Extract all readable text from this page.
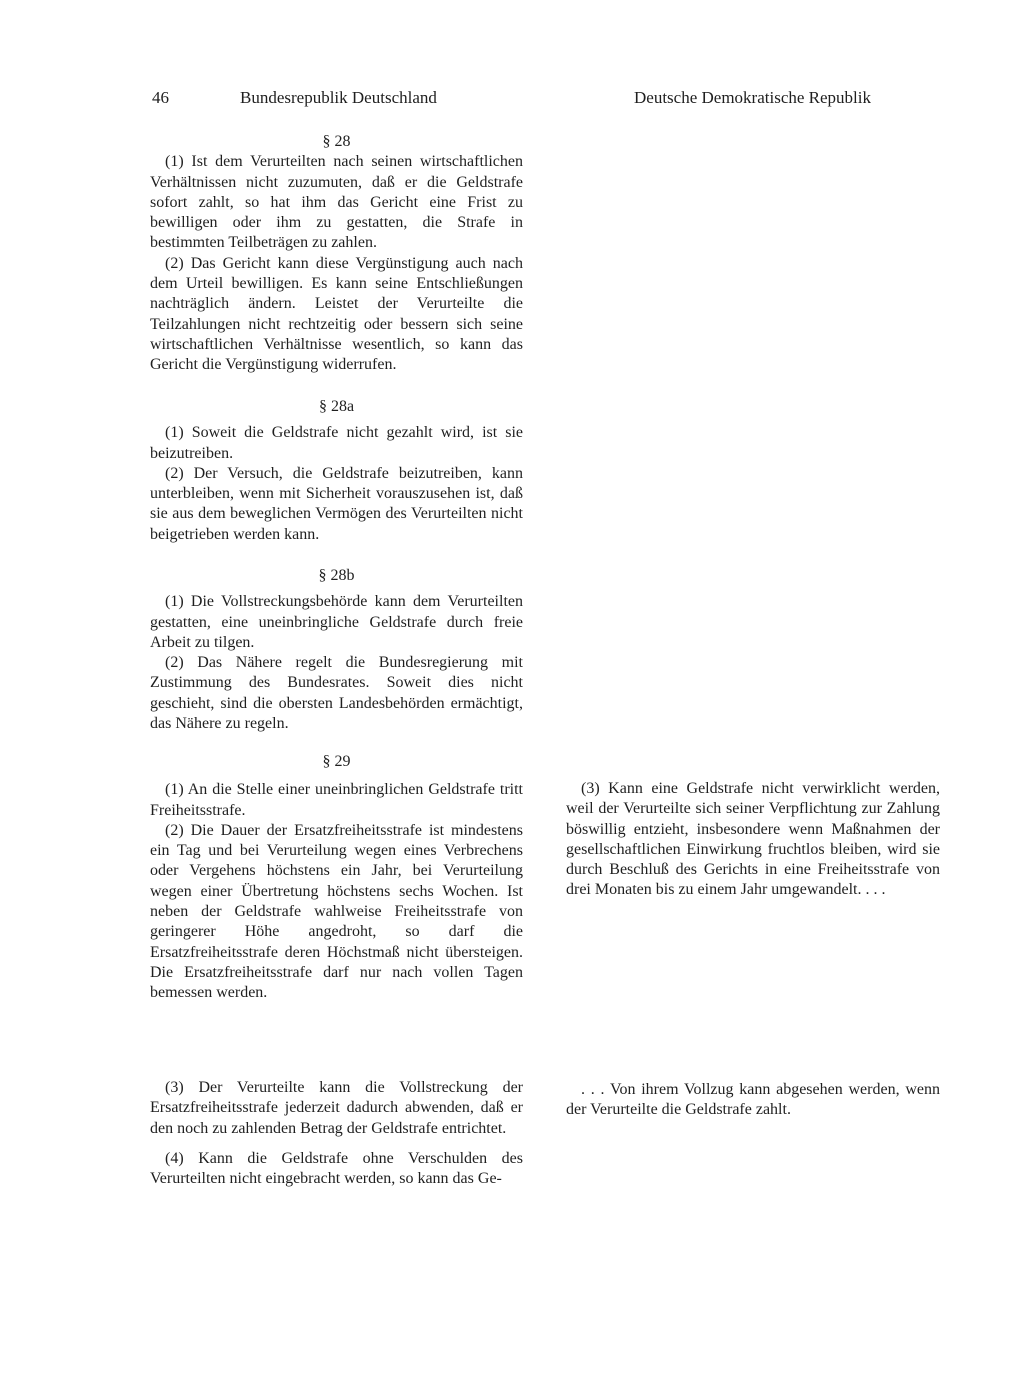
46	Bundesrepublik Deutschland	Deutsche Demokratische Republik

§ 28

(1) Ist dem Verurteilten nach seinen wirtschaftlichen Verhältnissen nicht zuzumuten, daß er die Geldstrafe sofort zahlt, so hat ihm das Gericht eine Frist zu bewilligen oder ihm zu gestatten, die Strafe in bestimmten Teilbeträgen zu zahlen.

(2) Das Gericht kann diese Vergünstigung auch nach dem Urteil bewilligen. Es kann seine Entschließungen nachträglich ändern. Leistet der Verurteilte die Teilzahlungen nicht rechtzeitig oder bessern sich seine wirtschaftlichen Verhältnisse wesentlich, so kann das Gericht die Vergünstigung widerrufen.

§ 28a

(1) Soweit die Geldstrafe nicht gezahlt wird, ist sie beizutreiben.

(2) Der Versuch, die Geldstrafe beizutreiben, kann unterbleiben, wenn mit Sicherheit vorauszusehen ist, daß sie aus dem beweglichen Vermögen des Verurteilten nicht beigetrieben werden kann.

§ 28b

(1) Die Vollstreckungsbehörde kann dem Verurteilten gestatten, eine uneinbringliche Geldstrafe durch freie Arbeit zu tilgen.

(2) Das Nähere regelt die Bundesregierung mit Zustimmung des Bundesrates. Soweit dies nicht geschieht, sind die obersten Landesbehörden ermächtigt, das Nähere zu regeln.

§ 29

(1) An die Stelle einer uneinbringlichen Geldstrafe tritt Freiheitsstrafe.

(2) Die Dauer der Ersatzfreiheitsstrafe ist mindestens ein Tag und bei Verurteilung wegen eines Verbrechens oder Vergehens höchstens ein Jahr, bei Verurteilung wegen einer Übertretung höchstens sechs Wochen. Ist neben der Geldstrafe wahlweise Freiheitsstrafe von geringerer Höhe angedroht, so darf die Ersatzfreiheitsstrafe deren Höchstmaß nicht übersteigen. Die Ersatzfreiheitsstrafe darf nur nach vollen Tagen bemessen werden.

(3) Kann eine Geldstrafe nicht verwirklicht werden, weil der Verurteilte sich seiner Verpflichtung zur Zahlung böswillig entzieht, insbesondere wenn Maßnahmen der gesellschaftlichen Einwirkung fruchtlos bleiben, wird sie durch Beschluß des Gerichts in eine Freiheitsstrafe von drei Monaten bis zu einem Jahr umgewandelt. . . .

(3) Der Verurteilte kann die Vollstreckung der Ersatzfreiheitsstrafe jederzeit dadurch abwenden, daß er den noch zu zahlenden Betrag der Geldstrafe entrichtet.

(4) Kann die Geldstrafe ohne Verschulden des Verurteilten nicht eingebracht werden, so kann das Ge-

. . . Von ihrem Vollzug kann abgesehen werden, wenn der Verurteilte die Geldstrafe zahlt.
